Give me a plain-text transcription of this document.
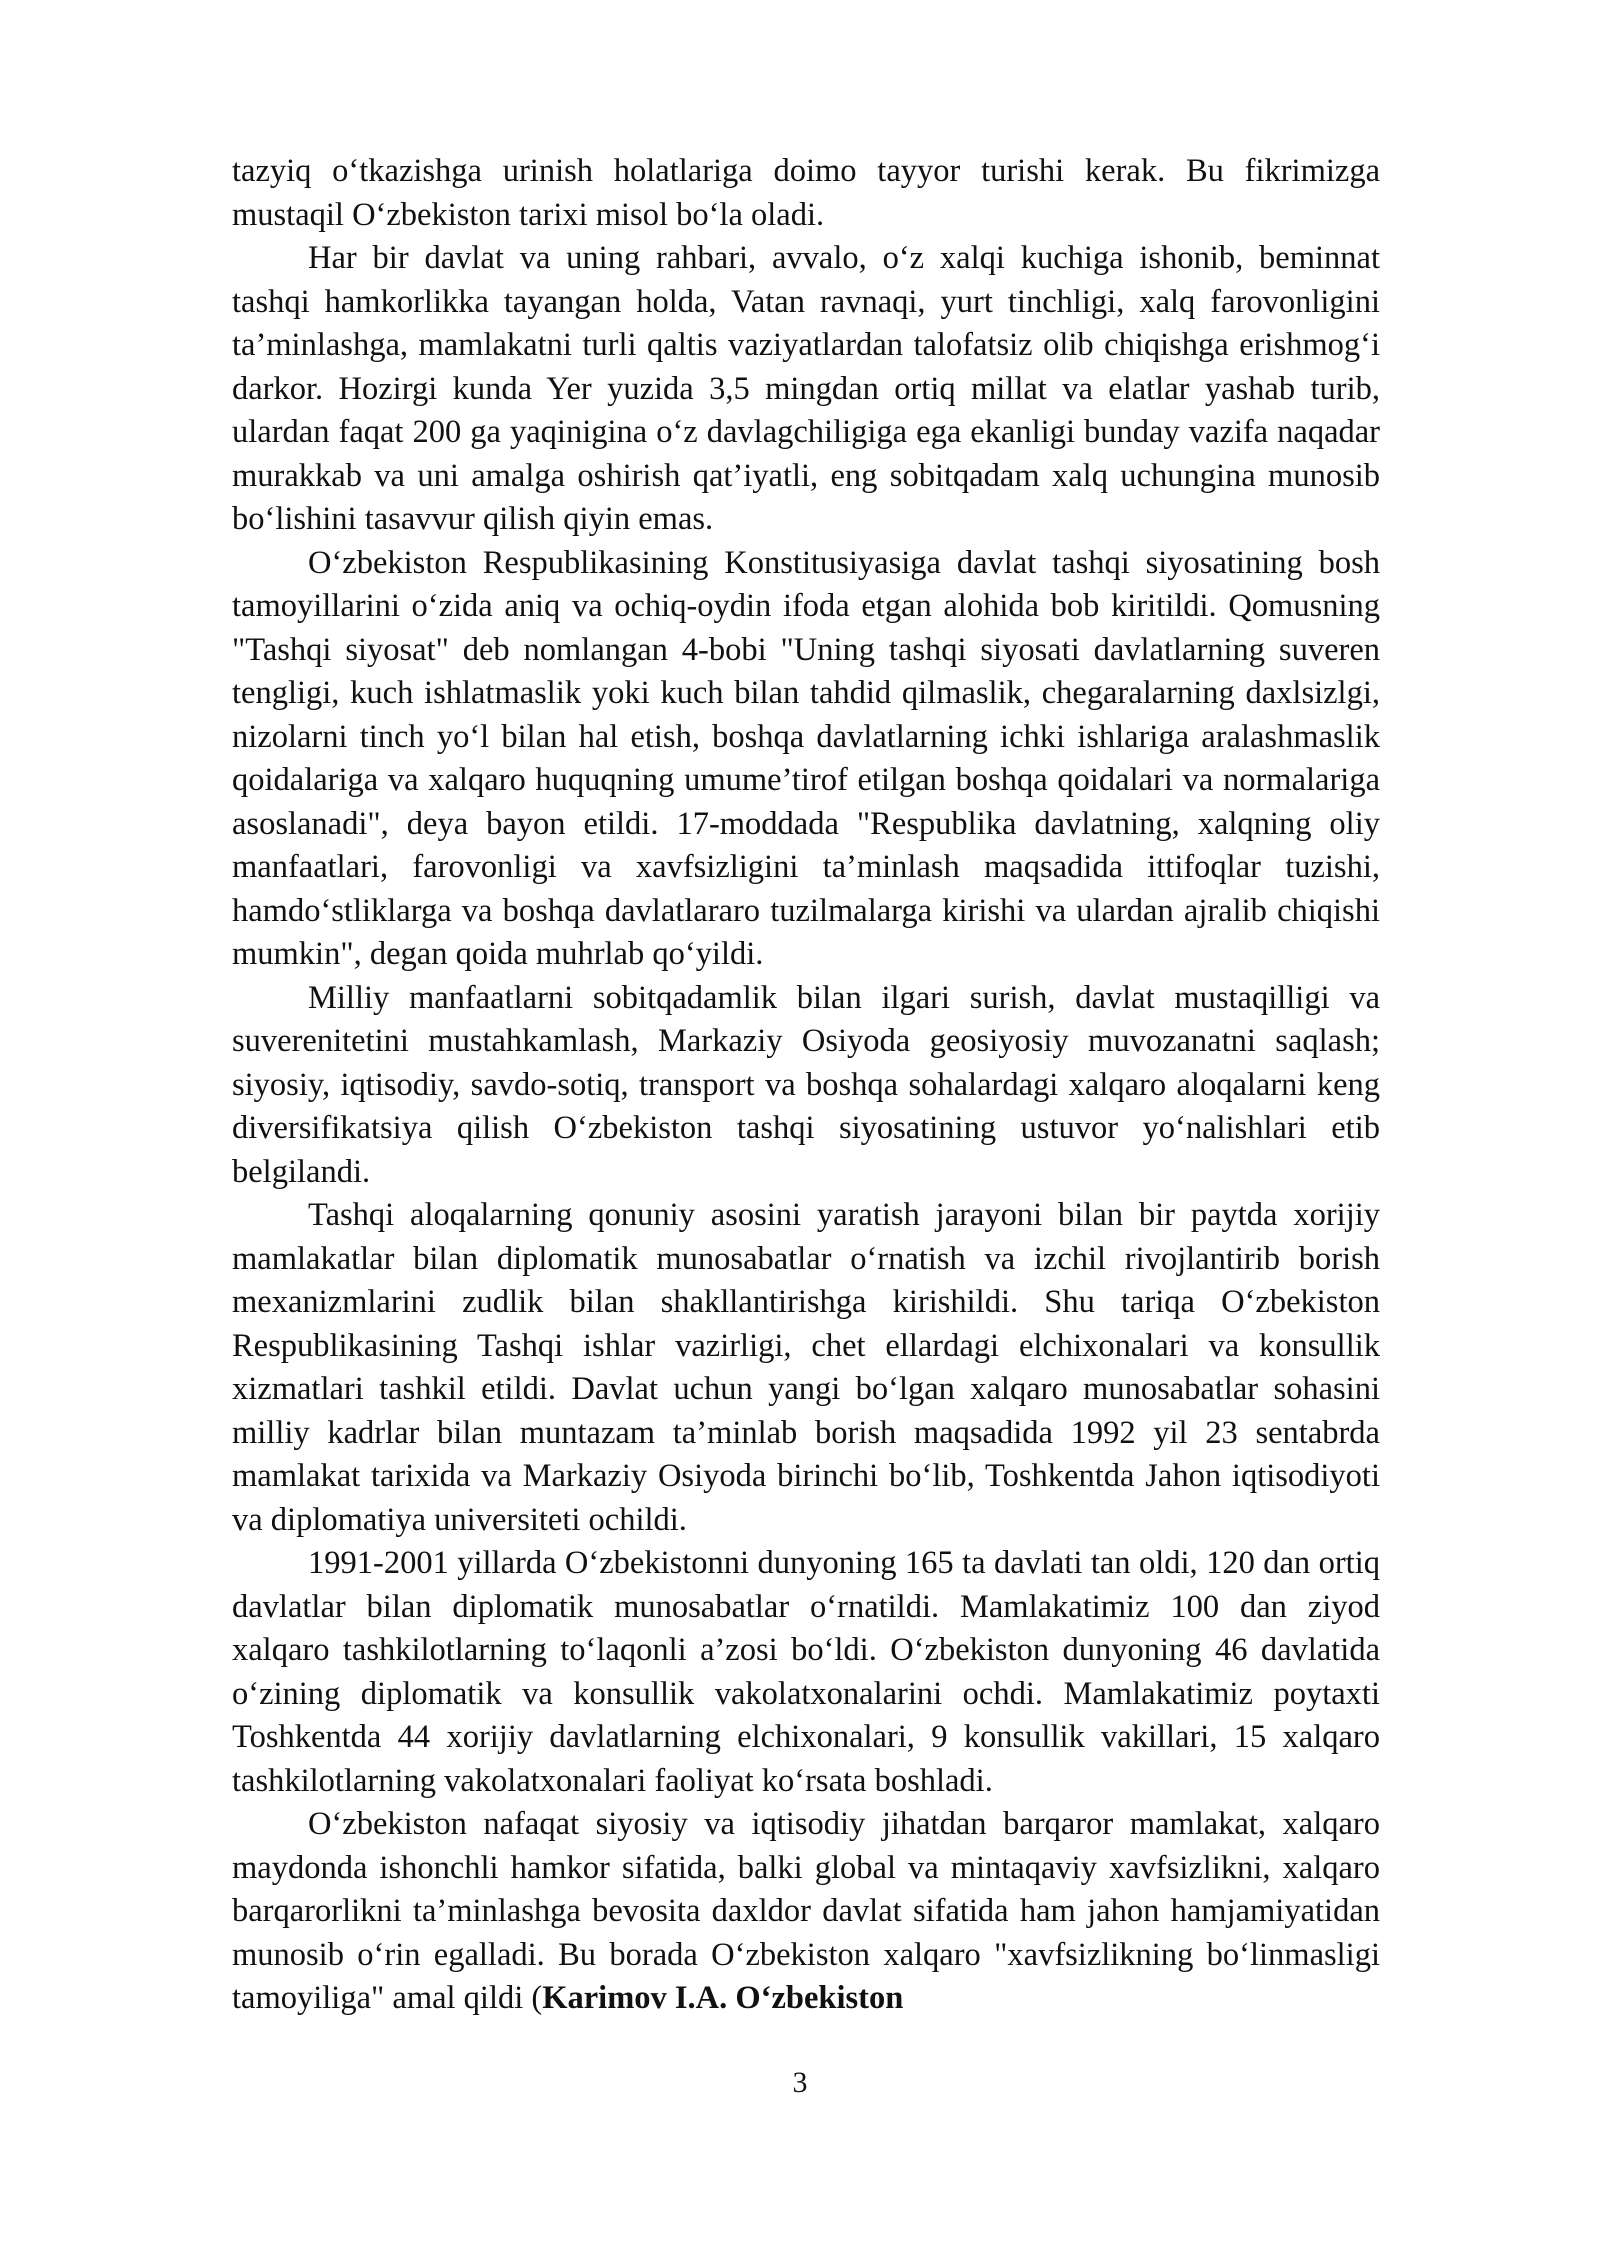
tazyiq o‘tkazishga urinish holatlariga doimo tayyor turishi kerak. Bu fikrimizga mustaqil O‘zbekiston tarixi misol bo‘la oladi.

Har bir davlat va uning rahbari, avvalo, o‘z xalqi kuchiga ishonib, beminnat tashqi hamkorlikka tayangan holda, Vatan ravnaqi, yurt tinchligi, xalq farovonligini ta’minlashga, mamlakatni turli qaltis vaziyatlardan talofatsiz olib chiqishga erishmog‘i darkor. Hozirgi kunda Yer yuzida 3,5 mingdan ortiq millat va elatlar yashab turib, ulardan faqat 200 ga yaqinigina o‘z davlagchiligiga ega ekanligi bunday vazifa naqadar murakkab va uni amalga oshirish qat’iyatli, eng sobitqadam xalq uchungina munosib bo‘lishini tasavvur qilish qiyin emas.

O‘zbekiston Respublikasining Konstitusiyasiga davlat tashqi siyosatining bosh tamoyillarini o‘zida aniq va ochiq-oydin ifoda etgan alohida bob kiritildi. Qomusning "Tashqi siyosat" deb nomlangan 4-bobi "Uning tashqi siyosati davlatlarning suveren tengligi, kuch ishlatmaslik yoki kuch bilan tahdid qilmaslik, chegaralarning daxlsizlgi, nizolarni tinch yo‘l bilan hal etish, boshqa davlatlarning ichki ishlariga aralashmaslik qoidalariga va xalqaro huquqning umume’tirof etilgan boshqa qoidalari va normalariga asoslanadi", deya bayon etildi. 17-moddada "Respublika davlatning, xalqning oliy manfaatlari, farovonligi va xavfsizligini ta’minlash maqsadida ittifoqlar tuzishi, hamdo‘stliklarga va boshqa davlatlararo tuzilmalarga kirishi va ulardan ajralib chiqishi mumkin", degan qoida muhrlab qo‘yildi.

Milliy manfaatlarni sobitqadamlik bilan ilgari surish, davlat mustaqilligi va suverenitetini mustahkamlash, Markaziy Osiyoda geosiyosiy muvozanatni saqlash; siyosiy, iqtisodiy, savdo-sotiq, transport va boshqa sohalardagi xalqaro aloqalarni keng diversifikatsiya qilish O‘zbekiston tashqi siyosatining ustuvor yo‘nalishlari etib belgilandi.

Tashqi aloqalarning qonuniy asosini yaratish jarayoni bilan bir paytda xorijiy mamlakatlar bilan diplomatik munosabatlar o‘rnatish va izchil rivojlantirib borish mexanizmlarini zudlik bilan shakllantirishga kirishildi. Shu tariqa O‘zbekiston Respublikasining Tashqi ishlar vazirligi, chet ellardagi elchixonalari va konsullik xizmatlari tashkil etildi. Davlat uchun yangi bo‘lgan xalqaro munosabatlar sohasini milliy kadrlar bilan muntazam ta’minlab borish maqsadida 1992 yil 23 sentabrda mamlakat tarixida va Markaziy Osiyoda birinchi bo‘lib, Toshkentda Jahon iqtisodiyoti va diplomatiya universiteti ochildi.

1991-2001 yillarda O‘zbekistonni dunyoning 165 ta davlati tan oldi, 120 dan ortiq davlatlar bilan diplomatik munosabatlar o‘rnatildi. Mamlakatimiz 100 dan ziyod xalqaro tashkilotlarning to‘laqonli a’zosi bo‘ldi. O‘zbekiston dunyoning 46 davlatida o‘zining diplomatik va konsullik vakolatxonalarini ochdi. Mamlakatimiz poytaxti Toshkentda 44 xorijiy davlatlarning elchixonalari, 9 konsullik vakillari, 15 xalqaro tashkilotlarning vakolatxonalari faoliyat ko‘rsata boshladi.

O‘zbekiston nafaqat siyosiy va iqtisodiy jihatdan barqaror mamlakat, xalqaro maydonda ishonchli hamkor sifatida, balki global va mintaqaviy xavfsizlikni, xalqaro barqarorlikni ta’minlashga bevosita daxldor davlat sifatida ham jahon hamjamiyatidan munosib o‘rin egalladi. Bu borada O‘zbekiston xalqaro "xavfsizlikning bo‘linmasligi tamoyiliga" amal qildi (Karimov I.A. O‘zbekiston

3
